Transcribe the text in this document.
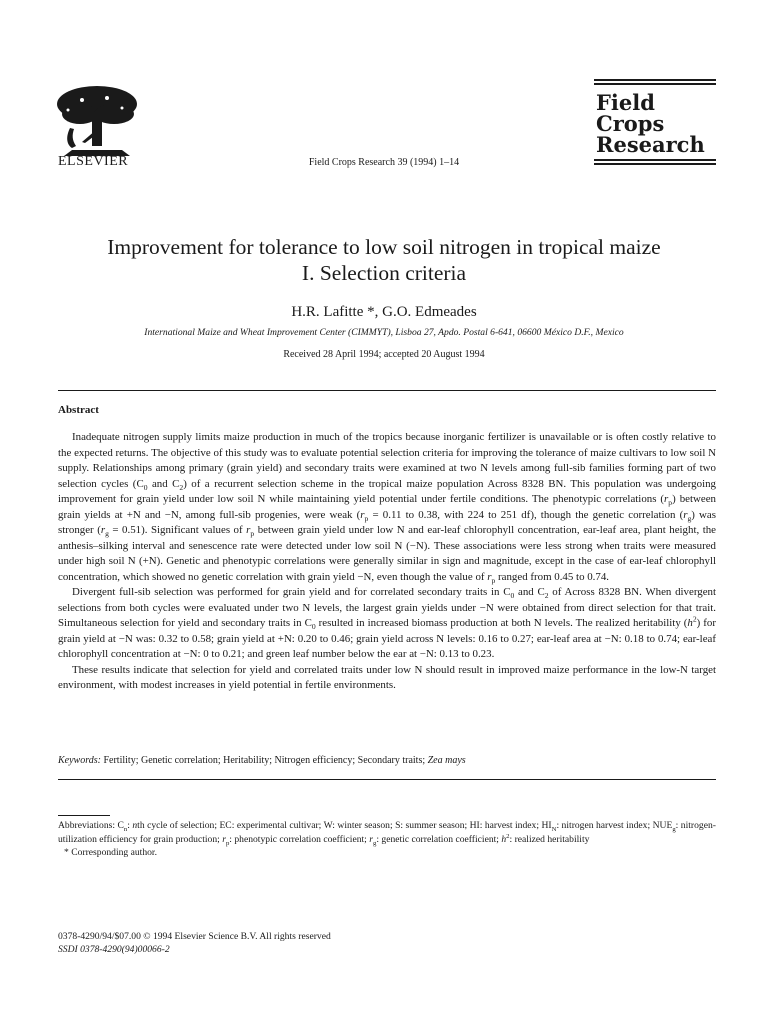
ELSEVIER	Field Crops Research 39 (1994) 1–14
Field
Crops
Research
Improvement for tolerance to low soil nitrogen in tropical maize
I. Selection criteria
H.R. Lafitte *, G.O. Edmeades
International Maize and Wheat Improvement Center (CIMMYT), Lisboa 27, Apdo. Postal 6-641, 06600 México D.F., Mexico
Received 28 April 1994; accepted 20 August 1994
Abstract

Inadequate nitrogen supply limits maize production in much of the tropics because inorganic fertilizer is unavailable or is often costly relative to the expected returns. The objective of this study was to evaluate potential selection criteria for improving the tolerance of maize cultivars to low soil N supply. Relationships among primary (grain yield) and secondary traits were examined at two N levels among full-sib families forming part of two selection cycles ($C_0$ and $C_2$) of a recurrent selection scheme in the tropical maize population Across 8328 BN. This population was undergoing improvement for grain yield under low soil N while maintaining yield potential under fertile conditions. The phenotypic correlations $(r_p)$ between grain yields at +N and −N, among full-sib progenies, were weak ($r_p = 0.11$ to 0.38, with 224 to 251 df), though the genetic correlation $(r_g)$ was stronger $(r_g = 0.51)$. Significant values of $r_p$ between grain yield under low N and ear-leaf chlorophyll concentration, ear-leaf area, plant height, the anthesis–silking interval and senescence rate were detected under low soil N (−N). These associations were less strong when traits were measured under high soil N (+N). Genetic and phenotypic correlations were generally similar in sign and magnitude, except in the case of ear-leaf chlorophyll concentration, which showed no genetic correlation with grain yield −N, even though the value of $r_p$ ranged from 0.45 to 0.74.

Divergent full-sib selection was performed for grain yield and for correlated secondary traits in $C_0$ and $C_2$ of Across 8328 BN. When divergent selections from both cycles were evaluated under two N levels, the largest grain yields under −N were obtained from direct selection for that trait. Simultaneous selection for yield and secondary traits in $C_0$ resulted in increased biomass production at both N levels. The realized heritability $(h^2)$ for grain yield at −N was: 0.32 to 0.58; grain yield at +N: 0.20 to 0.46; grain yield across N levels: 0.16 to 0.27; ear-leaf area at −N: 0.18 to 0.74; ear-leaf chlorophyll concentration at −N: 0 to 0.21; and green leaf number below the ear at −N: 0.13 to 0.23.

These results indicate that selection for yield and correlated traits under low N should result in improved maize performance in the low-N target environment, with modest increases in yield potential in fertile environments.

Keywords: Fertility; Genetic correlation; Heritability; Nitrogen efficiency; Secondary traits; Zea mays

Abbreviations: $C_n$: nth cycle of selection; EC: experimental cultivar; W: winter season; S: summer season; HI: harvest index; $HI_N$: nitrogen harvest index; $NUE_g$: nitrogen-utilization efficiency for grain production; $r_p$: phenotypic correlation coefficient; $r_g$: genetic correlation coefficient; $h^2$: realized heritability

* Corresponding author.

0378-4290/94/$07.00 © 1994 Elsevier Science B.V. All rights reserved
SSDI 0378-4290(94)00066-2
